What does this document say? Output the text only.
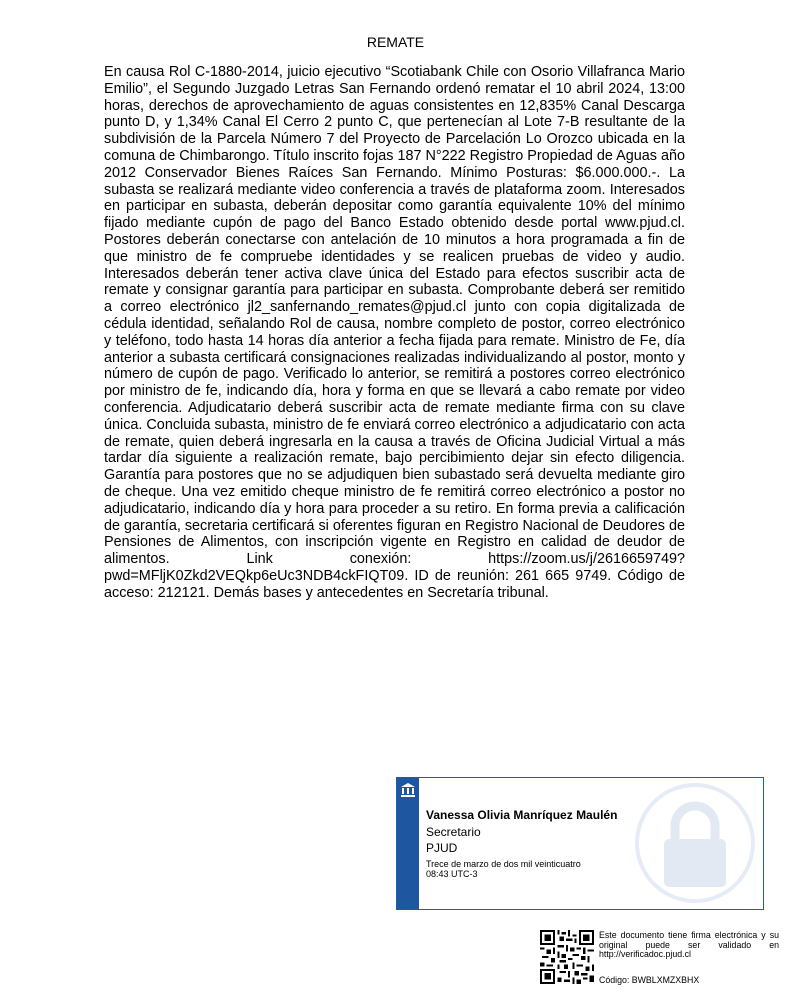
REMATE
En causa Rol C-1880-2014, juicio ejecutivo “Scotiabank Chile con Osorio Villafranca Mario Emilio”, el Segundo Juzgado Letras San Fernando ordenó rematar el 10 abril 2024, 13:00 horas, derechos de aprovechamiento de aguas consistentes en 12,835% Canal Descarga punto D, y 1,34% Canal El Cerro 2 punto C, que pertenecían al Lote 7-B resultante de la subdivisión de la Parcela Número 7 del Proyecto de Parcelación Lo Orozco ubicada en la comuna de Chimbarongo. Título inscrito fojas 187 N°222 Registro Propiedad de Aguas año 2012 Conservador Bienes Raíces San Fernando. Mínimo Posturas: $6.000.000.-. La subasta se realizará mediante video conferencia a través de plataforma zoom. Interesados en participar en subasta, deberán depositar como garantía equivalente 10% del mínimo fijado mediante cupón de pago del Banco Estado obtenido desde portal www.pjud.cl. Postores deberán conectarse con antelación de 10 minutos a hora programada a fin de que ministro de fe compruebe identidades y se realicen pruebas de video y audio. Interesados deberán tener activa clave única del Estado para efectos suscribir acta de remate y consignar garantía para participar en subasta. Comprobante deberá ser remitido a correo electrónico jl2_sanfernando_remates@pjud.cl junto con copia digitalizada de cédula identidad, señalando Rol de causa, nombre completo de postor, correo electrónico y teléfono, todo hasta 14 horas día anterior a fecha fijada para remate. Ministro de Fe, día anterior a subasta certificará consignaciones realizadas individualizando al postor, monto y número de cupón de pago. Verificado lo anterior, se remitirá a postores correo electrónico por ministro de fe, indicando día, hora y forma en que se llevará a cabo remate por video conferencia. Adjudicatario deberá suscribir acta de remate mediante firma con su clave única. Concluida subasta, ministro de fe enviará correo electrónico a adjudicatario con acta de remate, quien deberá ingresarla en la causa a través de Oficina Judicial Virtual a más tardar día siguiente a realización remate, bajo percibimiento dejar sin efecto diligencia. Garantía para postores que no se adjudiquen bien subastado será devuelta mediante giro de cheque. Una vez emitido cheque ministro de fe remitirá correo electrónico a postor no adjudicatario, indicando día y hora para proceder a su retiro. En forma previa a calificación de garantía, secretaria certificará si oferentes figuran en Registro Nacional de Deudores de Pensiones de Alimentos, con inscripción vigente en Registro en calidad de deudor de alimentos. Link conexión: https://zoom.us/j/2616659749?pwd=MFljK0Zkd2VEQkp6eUc3NDB4ckFIQT09. ID de reunión: 261 665 9749. Código de acceso: 212121. Demás bases y antecedentes en Secretaría tribunal.
Vanessa Olivia Manríquez Maulén
Secretario
PJUD
Trece de marzo de dos mil veinticuatro
08:43 UTC-3
Este documento tiene firma electrónica y su original puede ser validado en http://verificadoc.pjud.cl
Código: BWBLXMZXBHX
